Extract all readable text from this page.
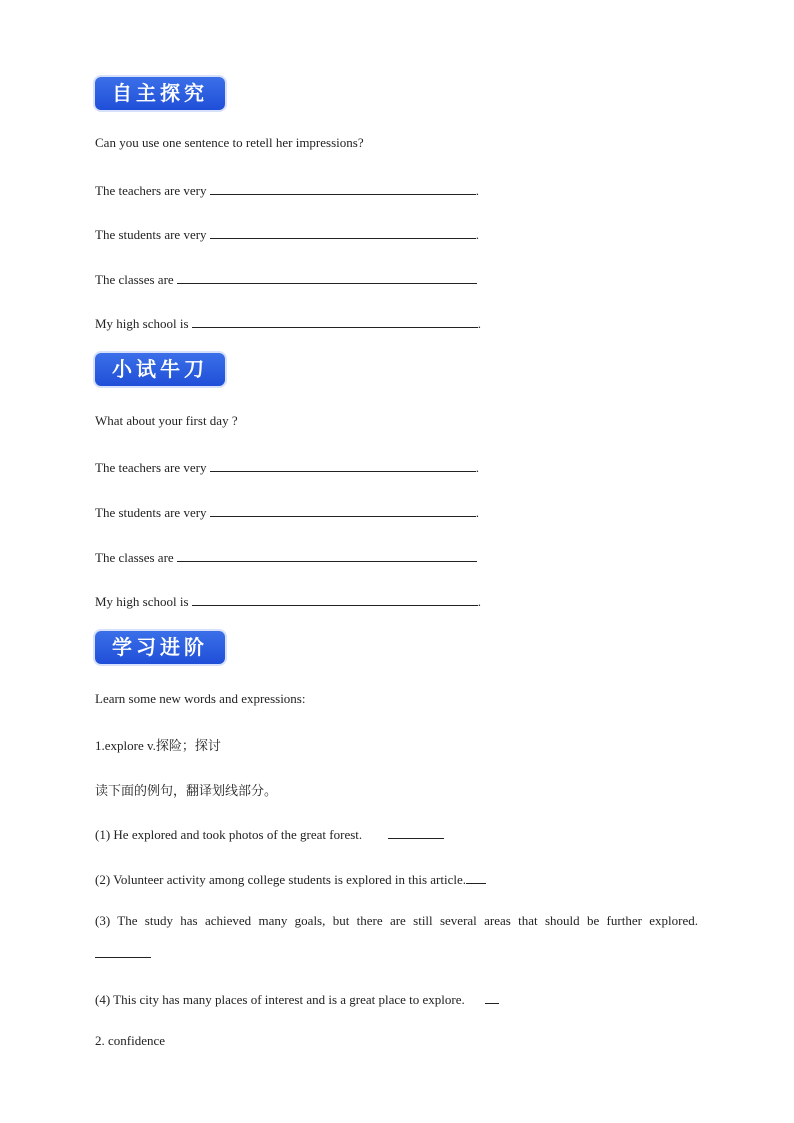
自主探究
Can you use one sentence to retell her impressions?
The teachers are very	.
The students are very	.
The classes are
My high school is	.
小试牛刀
What about your first day ?
The teachers are very	.
The students are very	.
The classes are
My high school is	.
学习进阶
Learn some new words and expressions:
1.explore v.探险；探讨
读下面的例句，翻译划线部分。
(1) He explored and took photos of the great forest.
(2) Volunteer activity among college students is explored in this article.
(3) The study has achieved many goals, but there are still several areas that should be further explored.
(4) This city has many places of interest and is a great place to explore.
2. confidence
